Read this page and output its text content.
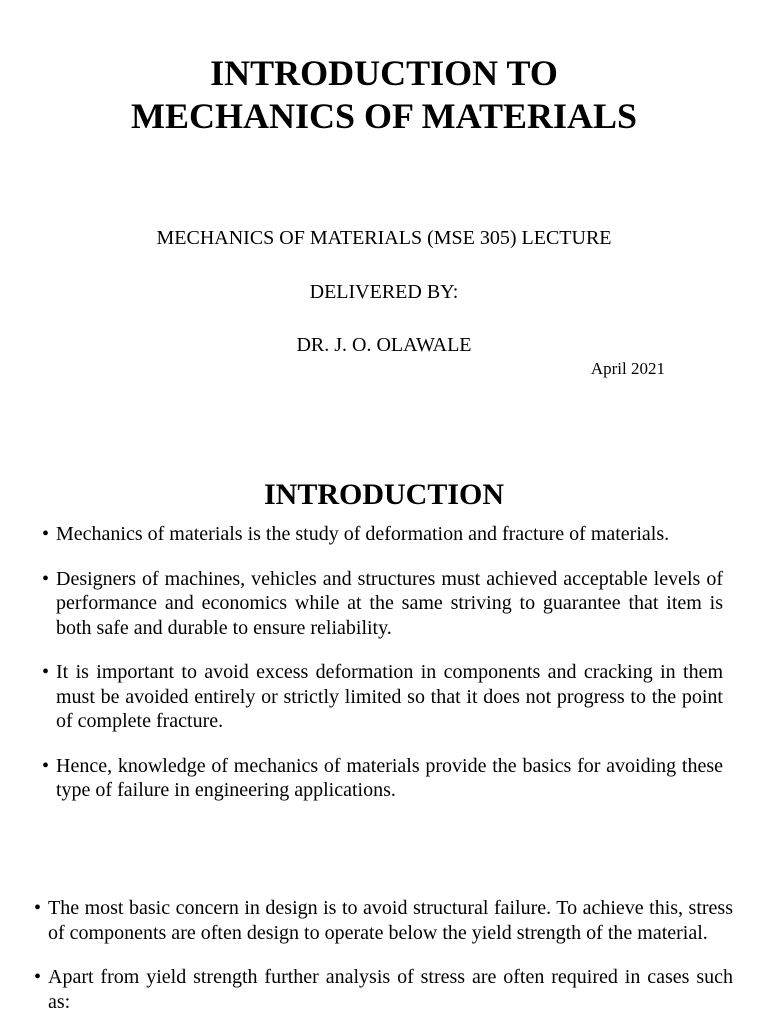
INTRODUCTION TO
MECHANICS OF MATERIALS

MECHANICS OF MATERIALS (MSE 305) LECTURE

DELIVERED BY:

DR. J. O. OLAWALE

April 2021
INTRODUCTION
• Mechanics of materials is the study of deformation and fracture of materials.
• Designers of machines, vehicles and structures must achieved acceptable levels of performance and economics while at the same striving to guarantee that item is both safe and durable to ensure reliability.
• It is important to avoid excess deformation in components and cracking in them must be avoided entirely or strictly limited so that it does not progress to the point of complete fracture.
• Hence, knowledge of mechanics of materials provide the basics for avoiding these type of failure in engineering applications.
• The most basic concern in design is to avoid structural failure. To achieve this, stress of components are often design to operate below the yield strength of the material.
• Apart from yield strength further analysis of stress are often required in cases such as:
